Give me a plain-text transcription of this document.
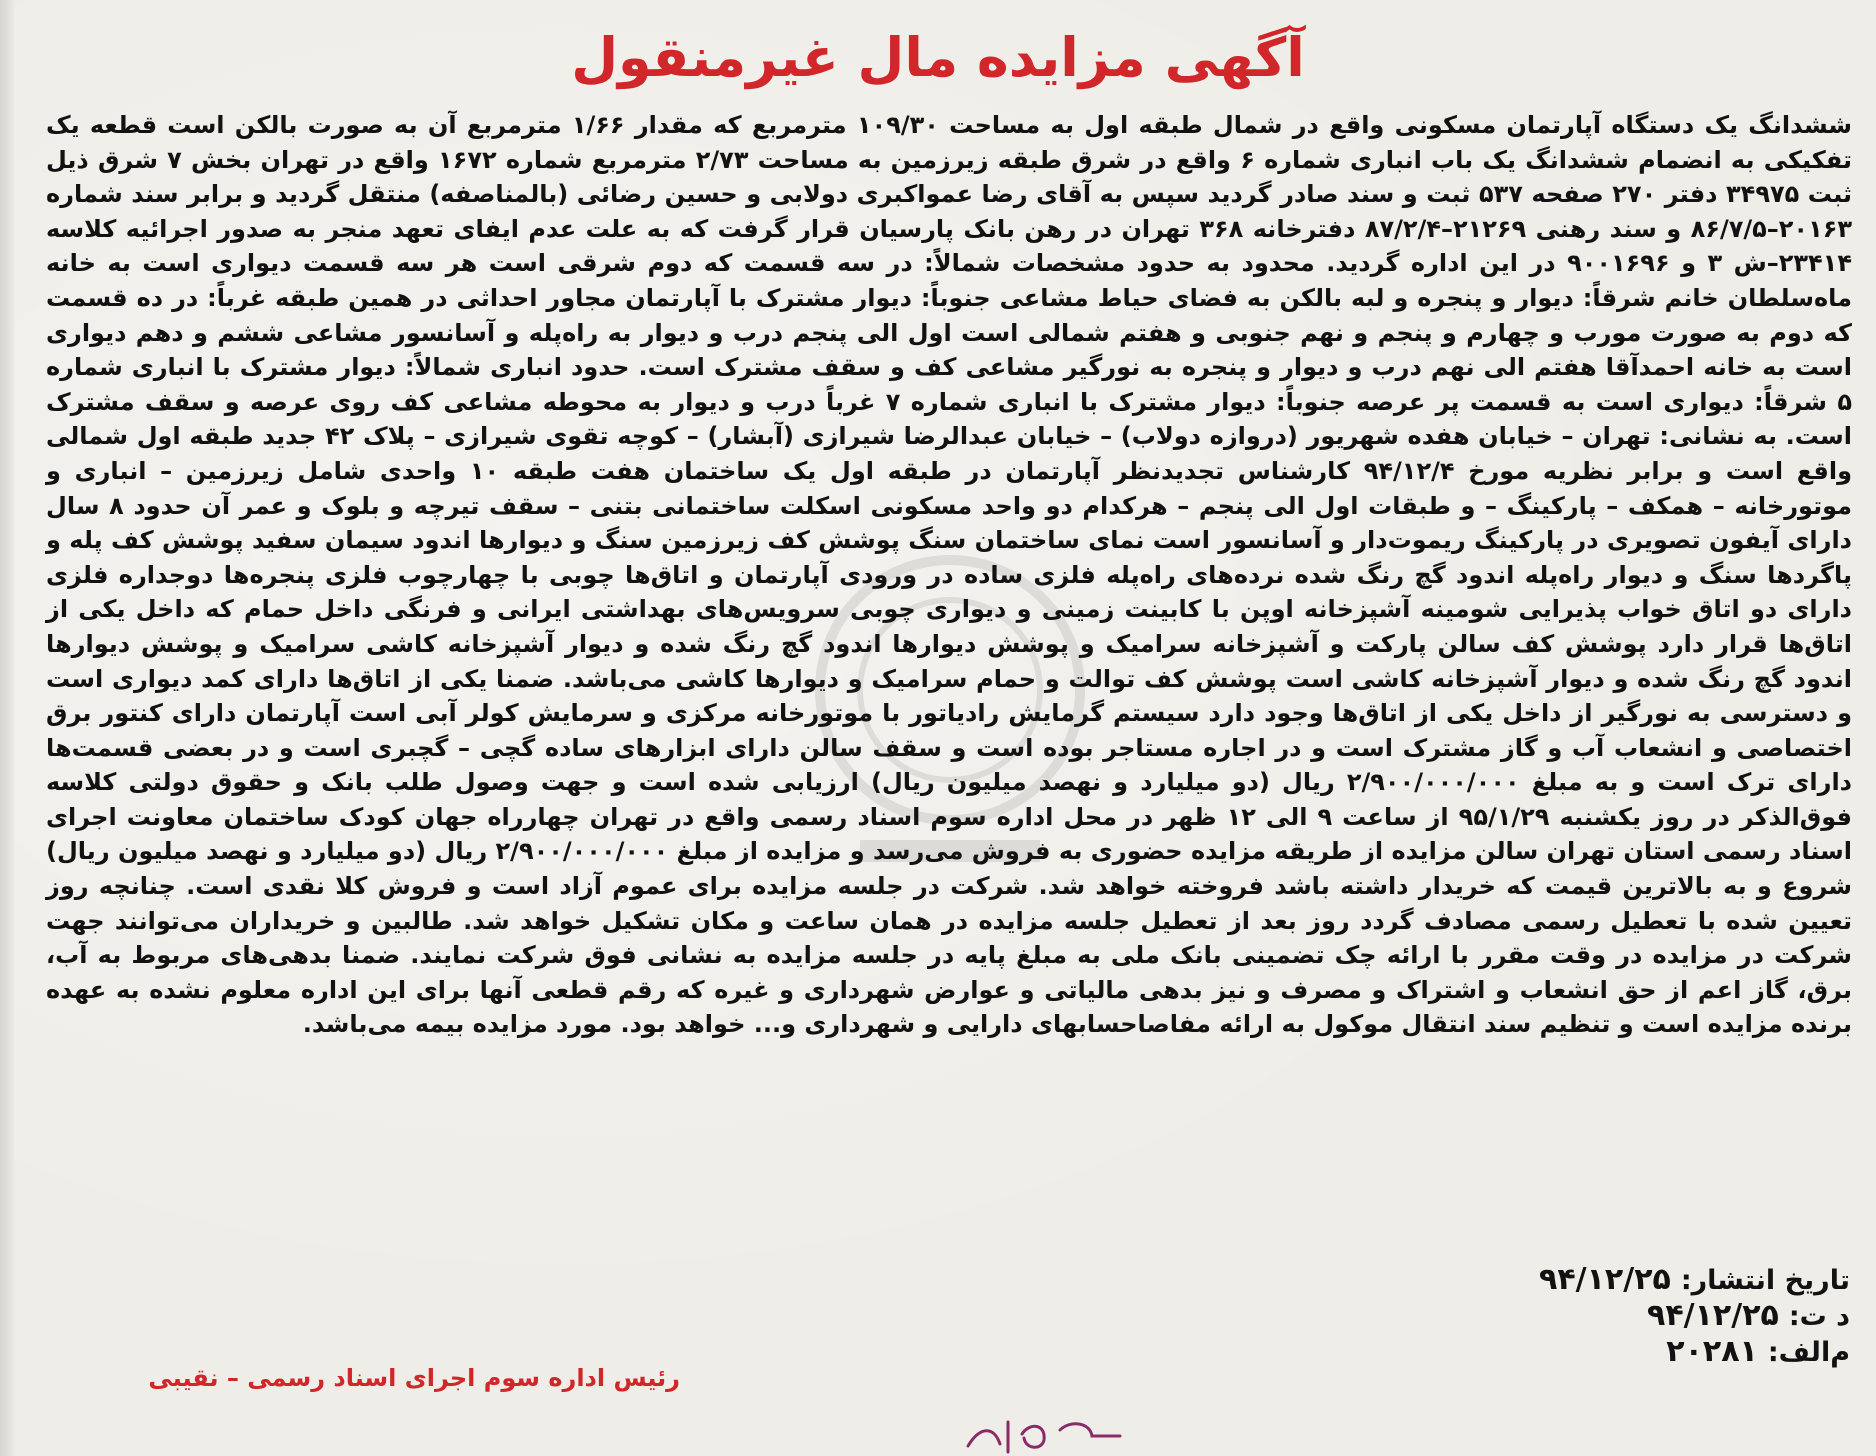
آگهی مزایده مال غیرمنقول
ششدانگ یک دستگاه آپارتمان مسکونی واقع در شمال طبقه اول به مساحت ۱۰۹/۳۰ مترمربع که مقدار ۱/۶۶ مترمربع آن به صورت بالکن است قطعه یک تفکیکی به انضمام ششدانگ یک باب انباری شماره ۶ واقع در شرق طبقه زیرزمین به مساحت ۲/۷۳ مترمربع شماره ۱۶۷۲ واقع در تهران بخش ۷ شرق ذیل ثبت ۳۴۹۷۵ دفتر ۲۷۰ صفحه ۵۳۷ ثبت و سند صادر گردید سپس به آقای رضا عمواکبری دولابی و حسین رضائی (بالمناصفه) منتقل گردید و برابر سند شماره ۲۰۱۶۳–۸۶/۷/۵ و سند رهنی ۲۱۲۶۹–۸۷/۲/۴ دفترخانه ۳۶۸ تهران در رهن بانک پارسیان قرار گرفت که به علت عدم ایفای تعهد منجر به صدور اجرائیه کلاسه ۲۳۴۱۴–ش ۳ و ۹۰۰۱۶۹۶ در این اداره گردید. محدود به حدود مشخصات شمالاً: در سه قسمت که دوم شرقی است هر سه قسمت دیواری است به خانه ماه‌سلطان خانم شرقاً: دیوار و پنجره و لبه بالکن به فضای حیاط مشاعی جنوباً: دیوار مشترک با آپارتمان مجاور احداثی در همین طبقه غرباً: در ده قسمت که دوم به صورت مورب و چهارم و پنجم و نهم جنوبی و هفتم شمالی است اول الی پنجم درب و دیوار به راه‌پله و آسانسور مشاعی ششم و دهم دیواری است به خانه احمدآقا هفتم الی نهم درب و دیوار و پنجره به نورگیر مشاعی کف و سقف مشترک است. حدود انباری شمالاً: دیوار مشترک با انباری شماره ۵ شرقاً: دیواری است به قسمت پر عرصه جنوباً: دیوار مشترک با انباری شماره ۷ غرباً درب و دیوار به محوطه مشاعی کف روی عرصه و سقف مشترک است. به نشانی: تهران – خیابان هفده شهریور (دروازه دولاب) – خیابان عبدالرضا شیرازی (آبشار) – کوچه تقوی شیرازی – پلاک ۴۲ جدید طبقه اول شمالی واقع است و برابر نظریه مورخ ۹۴/۱۲/۴ کارشناس تجدیدنظر آپارتمان در طبقه اول یک ساختمان هفت طبقه ۱۰ واحدی شامل زیرزمین – انباری و موتورخانه – همکف – پارکینگ – و طبقات اول الی پنجم – هرکدام دو واحد مسکونی اسکلت ساختمانی بتنی – سقف تیرچه و بلوک و عمر آن حدود ۸ سال دارای آیفون تصویری در پارکینگ ریموت‌دار و آسانسور است نمای ساختمان سنگ پوشش کف زیرزمین سنگ و دیوارها اندود سیمان سفید پوشش کف پله و پاگردها سنگ و دیوار راه‌پله اندود گچ رنگ شده نرده‌های راه‌پله فلزی ساده در ورودی آپارتمان و اتاق‌ها چوبی با چهارچوب فلزی پنجره‌ها دوجداره فلزی دارای دو اتاق خواب پذیرایی شومینه آشپزخانه اوپن با کابینت زمینی و دیواری چوبی سرویس‌های بهداشتی ایرانی و فرنگی داخل حمام که داخل یکی از اتاق‌ها قرار دارد پوشش کف سالن پارکت و آشپزخانه سرامیک و پوشش دیوارها اندود گچ رنگ شده و دیوار آشپزخانه کاشی سرامیک و پوشش دیوارها اندود گچ رنگ شده و دیوار آشپزخانه کاشی است پوشش کف توالت و حمام سرامیک و دیوارها کاشی می‌باشد. ضمنا یکی از اتاق‌ها دارای کمد دیواری است و دسترسی به نورگیر از داخل یکی از اتاق‌ها وجود دارد سیستم گرمایش رادیاتور با موتورخانه مرکزی و سرمایش کولر آبی است آپارتمان دارای کنتور برق اختصاصی و انشعاب آب و گاز مشترک است و در اجاره مستاجر بوده است و سقف سالن دارای ابزارهای ساده گچی – گچبری است و در بعضی قسمت‌ها دارای ترک است و به مبلغ ۲/۹۰۰/۰۰۰/۰۰۰ ریال (دو میلیارد و نهصد میلیون ریال) ارزیابی شده است و جهت وصول طلب بانک و حقوق دولتی کلاسه فوق‌الذکر در روز یکشنبه ۹۵/۱/۲۹ از ساعت ۹ الی ۱۲ ظهر در محل اداره سوم اسناد رسمی واقع در تهران چهارراه جهان کودک ساختمان معاونت اجرای اسناد رسمی استان تهران سالن مزایده از طریقه مزایده حضوری به فروش می‌رسد و مزایده از مبلغ ۲/۹۰۰/۰۰۰/۰۰۰ ریال (دو میلیارد و نهصد میلیون ریال) شروع و به بالاترین قیمت که خریدار داشته باشد فروخته خواهد شد. شرکت در جلسه مزایده برای عموم آزاد است و فروش کلا نقدی است. چنانچه روز تعیین شده با تعطیل رسمی مصادف گردد روز بعد از تعطیل جلسه مزایده در همان ساعت و مکان تشکیل خواهد شد. طالبین و خریداران می‌توانند جهت شرکت در مزایده در وقت مقرر با ارائه چک تضمینی بانک ملی به مبلغ پایه در جلسه مزایده به نشانی فوق شرکت نمایند. ضمنا بدهی‌های مربوط به آب، برق، گاز اعم از حق انشعاب و اشتراک و مصرف و نیز بدهی مالیاتی و عوارض شهرداری و غیره که رقم قطعی آنها برای این اداره معلوم نشده به عهده برنده مزایده است و تنظیم سند انتقال موکول به ارائه مفاصاحسابهای دارایی و شهرداری و... خواهد بود. مورد مزایده بیمه می‌باشد.
تاریخ انتشار:۹۴/۱۲/۲۵
د ت:۹۴/۱۲/۲۵
م‌الف:۲۰۲۸۱
رئیس اداره سوم اجرای اسناد رسمی – نقیبی
